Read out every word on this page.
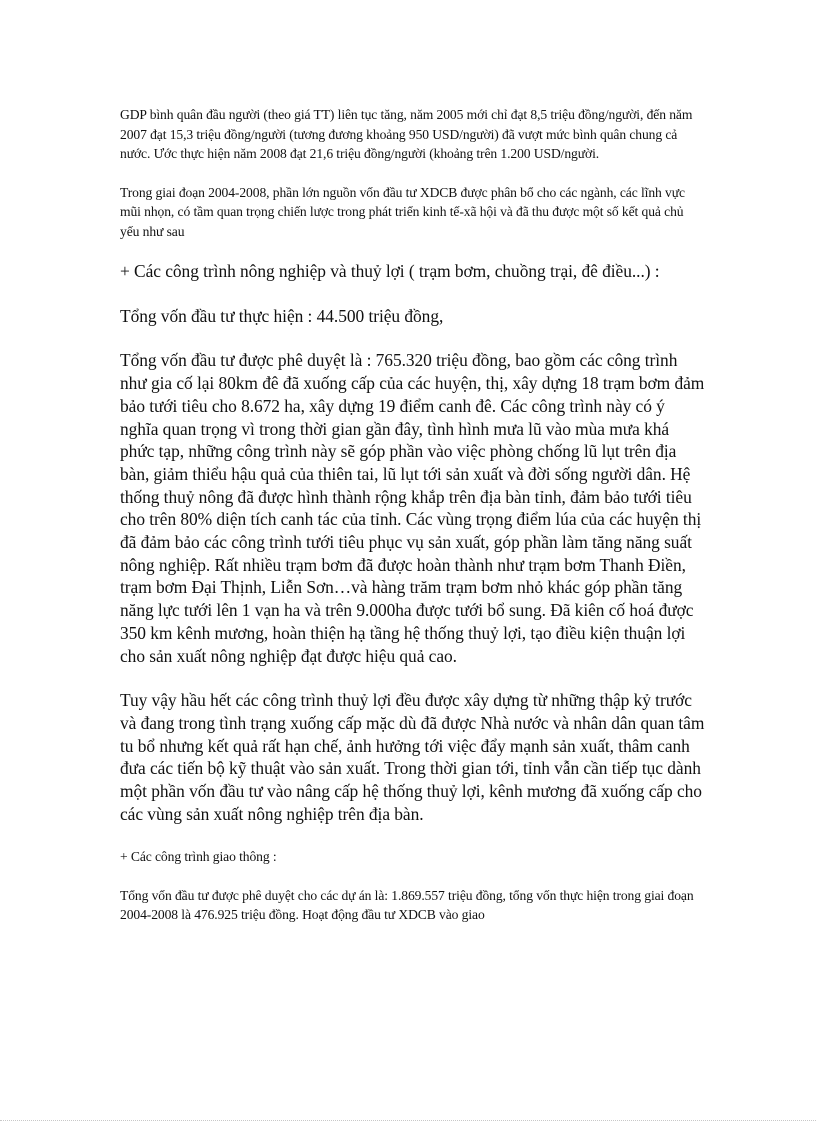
GDP bình quân đầu người (theo giá TT) liên tục tăng, năm 2005 mới chỉ đạt 8,5 triệu đồng/người, đến năm 2007 đạt 15,3 triệu đồng/người (tương đương khoảng 950 USD/người) đã vượt mức bình quân chung cả nước. Ước thực hiện năm 2008 đạt 21,6 triệu đồng/người (khoảng trên 1.200 USD/người.

Trong giai đoạn 2004-2008, phần lớn nguồn vốn đầu tư XDCB được phân bổ cho các ngành, các lĩnh vực mũi nhọn, có tầm quan trọng chiến lược trong phát triển kinh tế-xã hội và đã thu được một số kết quả chủ yếu như sau

+ Các công trình nông nghiệp và thuỷ lợi ( trạm bơm, chuồng trại, đê điều...) :

Tổng vốn đầu tư thực hiện : 44.500 triệu đồng,

Tổng vốn đầu tư được phê duyệt là : 765.320 triệu đồng, bao gồm các công trình như gia cố lại 80km đê đã xuống cấp của các huyện, thị, xây dựng 18 trạm bơm đảm bảo tưới tiêu cho 8.672 ha, xây dựng 19 điểm canh đê. Các công trình này có ý nghĩa quan trọng vì trong thời gian gần đây, tình hình mưa lũ vào mùa mưa khá phức tạp, những công trình này sẽ góp phần vào việc phòng chống lũ lụt trên địa bàn, giảm thiểu hậu quả của thiên tai, lũ lụt tới sản xuất và đời sống người dân. Hệ thống thuỷ nông đã được hình thành rộng khắp trên địa bàn tỉnh, đảm bảo tưới tiêu cho trên 80% diện tích canh tác của tỉnh. Các vùng trọng điểm lúa của các huyện thị đã đảm bảo các công trình tưới tiêu phục vụ sản xuất, góp phần làm tăng năng suất nông nghiệp. Rất nhiều trạm bơm đã được hoàn thành như trạm bơm Thanh Điền, trạm bơm Đại Thịnh, Liễn Sơn…và hàng trăm trạm bơm nhỏ khác góp phần tăng năng lực tưới lên 1 vạn ha và trên 9.000ha được tưới bổ sung. Đã kiên cố hoá được 350 km kênh mương, hoàn thiện hạ tầng hệ thống thuỷ lợi, tạo điều kiện thuận lợi cho sản xuất nông nghiệp đạt được hiệu quả cao.

Tuy vậy hầu hết các công trình thuỷ lợi đều được xây dựng từ những thập kỷ trước và đang trong tình trạng xuống cấp mặc dù đã được Nhà nước và nhân dân quan tâm tu bổ nhưng kết quả rất hạn chế, ảnh hưởng tới việc đẩy mạnh sản xuất, thâm canh đưa các tiến bộ kỹ thuật vào sản xuất. Trong thời gian tới, tỉnh vẫn cần tiếp tục dành một phần vốn đầu tư vào nâng cấp hệ thống thuỷ lợi, kênh mương đã xuống cấp cho các vùng sản xuất nông nghiệp trên địa bàn.

+ Các công trình giao thông :

Tổng vốn đầu tư được phê duyệt cho các dự án là: 1.869.557 triệu đồng, tổng vốn thực hiện trong giai đoạn 2004-2008 là 476.925 triệu đồng. Hoạt động đầu tư XDCB vào giao
